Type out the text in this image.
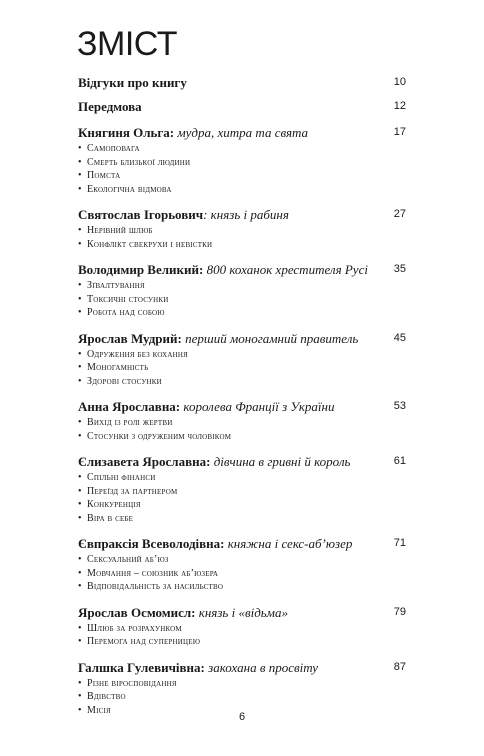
ЗМІСТ
Відгуки про книгу	10
Передмова	12
Княгиня Ольга: мудра, хитра та свята	17
• Самоповага
• Смерть близької людини
• Помста
• Екологічна відмова
Святослав Ігорьович: князь і рабиня	27
• Нерівний шлюб
• Конфлікт свекрухи і невістки
Володимир Великий: 800 коханок хрестителя Русі 35
• Зґвалтування
• Токсичні стосунки
• Робота над собою
Ярослав Мудрий: перший моногамний правитель	45
• Одруження без кохання
• Моногамність
• Здорові стосунки
Анна Ярославна: королева Франції з України	53
• Вихід із ролі жертви
• Стосунки з одруженим чоловіком
Єлизавета Ярославна: дівчина в гривні й король	61
• Спільні фінанси
• Переїзд за партнером
• Конкуренція
• Віра в себе
Євпраксія Всеволодівна: княжна і секс-аб’юзер	71
• Сексуальний аб’юз
• Мовчання – союзник аб’юзера
• Відповідальність за насильство
Ярослав Осмомисл: князь і «відьма»	79
• Шлюб за розрахунком
• Перемога над суперницею
Галшка Гулевичівна: закохана в просвіту	87
• Різне віросповідання
• Вдівство
• Місія
6
